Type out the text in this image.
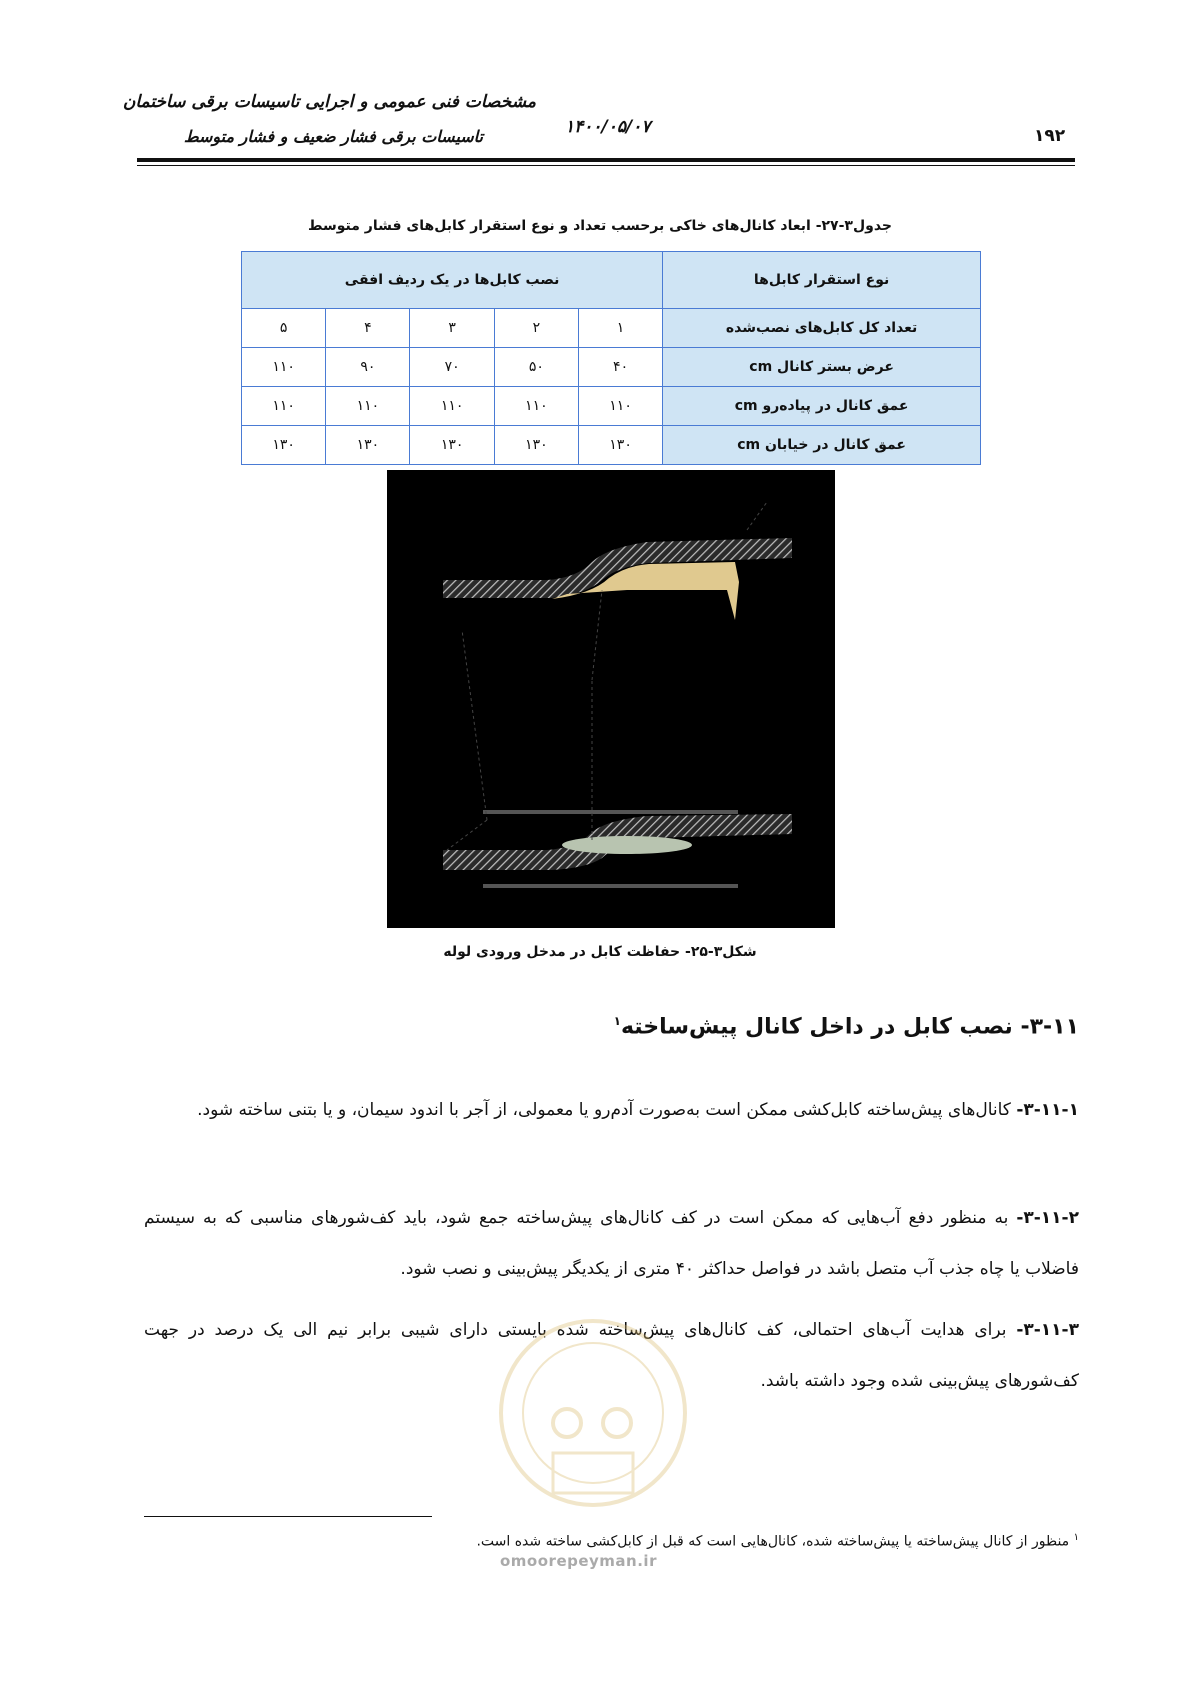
مشخصات فنی عمومی و اجرایی تاسیسات برقی ساختمان
تاسیسات برقی فشار ضعیف و فشار متوسط	۱۴۰۰/۰۵/۰۷	۱۹۲
جدول۳-۲۷- ابعاد کانال‌های خاکی برحسب تعداد و نوع استقرار کابل‌های فشار متوسط
نوع استقرار کابل‌ها	نصب کابل‌ها در یک ردیف افقی				
تعداد کل کابل‌های نصب‌شده	۱	۲	۳	۴	۵
عرض بستر کانال cm	۴۰	۵۰	۷۰	۹۰	۱۱۰
عمق کانال در پیاده‌رو cm	۱۱۰	۱۱۰	۱۱۰	۱۱۰	۱۱۰
عمق کانال در خیابان cm	۱۳۰	۱۳۰	۱۳۰	۱۳۰	۱۳۰
شکل۳-۲۵- حفاظت کابل در مدخل ورودی لوله
۳-۱۱- نصب کابل در داخل کانال پیش‌ساخته$^۱$
۳-۱۱-۱- کانال‌های پیش‌ساخته کابل‌کشی ممکن است به‌صورت آدم‌رو یا معمولی، از آجر با اندود سیمان، و یا بتنی ساخته شود.
۳-۱۱-۲- به منظور دفع آب‌هایی که ممکن است در کف کانال‌های پیش‌ساخته جمع شود، باید کف‌شورهای مناسبی که به سیستم فاضلاب یا چاه جذب آب متصل باشد در فواصل حداکثر ۴۰ متری از یکدیگر پیش‌بینی و نصب شود.
۳-۱۱-۳- برای هدایت آب‌های احتمالی، کف کانال‌های پیش‌ساخته شده بایستی دارای شیبی برابر نیم الی یک درصد در جهت کف‌شورهای پیش‌بینی شده وجود داشته باشد.
omoorepeyman.ir
$^۱$ منظور از کانال پیش‌ساخته یا پیش‌ساخته شده، کانال‌هایی است که قبل از کابل‌کشی ساخته شده است.
